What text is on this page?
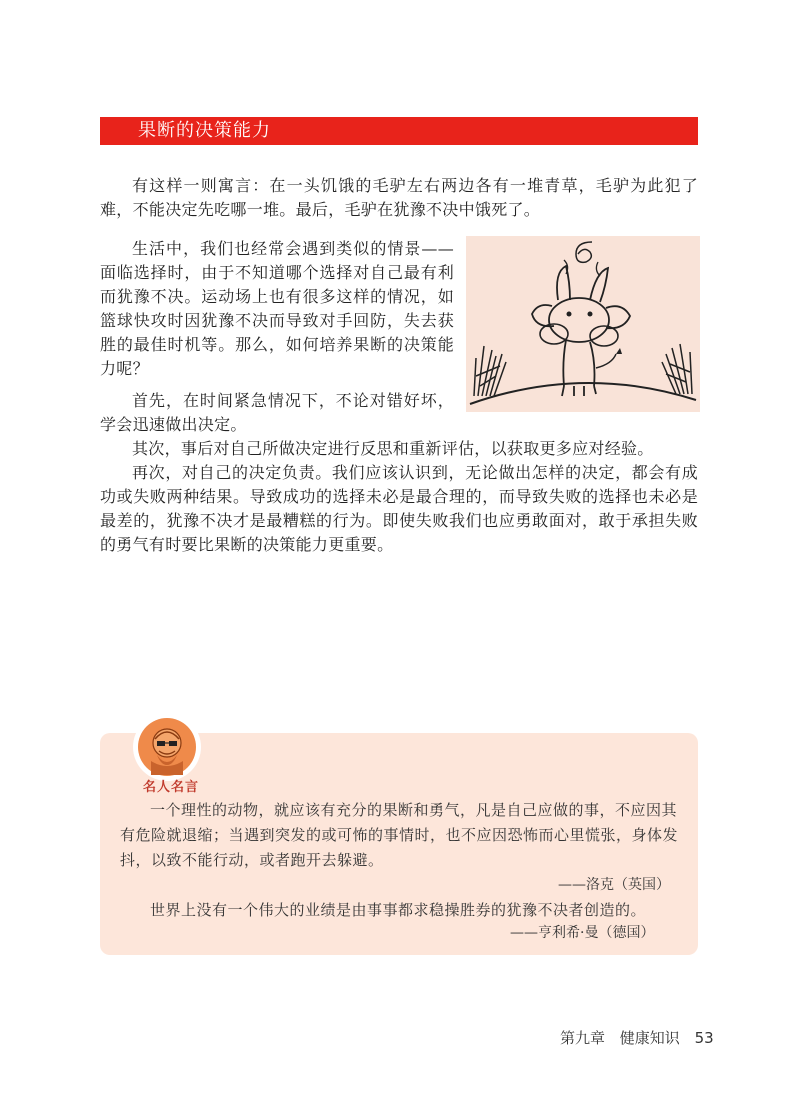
果断的决策能力

有这样一则寓言：在一头饥饿的毛驴左右两边各有一堆青草，毛驴为此犯了难，不能决定先吃哪一堆。最后，毛驴在犹豫不决中饿死了。

生活中，我们也经常会遇到类似的情景——面临选择时，由于不知道哪个选择对自己最有利而犹豫不决。运动场上也有很多这样的情况，如篮球快攻时因犹豫不决而导致对手回防，失去获胜的最佳时机等。那么，如何培养果断的决策能力呢？

首先，在时间紧急情况下，不论对错好坏，学会迅速做出决定。

其次，事后对自己所做决定进行反思和重新评估，以获取更多应对经验。

再次，对自己的决定负责。我们应该认识到，无论做出怎样的决定，都会有成功或失败两种结果。导致成功的选择未必是最合理的，而导致失败的选择也未必是最差的，犹豫不决才是最糟糕的行为。即使失败我们也应勇敢面对，敢于承担失败的勇气有时要比果断的决策能力更重要。

名人名言

一个理性的动物，就应该有充分的果断和勇气，凡是自己应做的事，不应因其有危险就退缩；当遇到突发的或可怖的事情时，也不应因恐怖而心里慌张，身体发抖，以致不能行动，或者跑开去躲避。

——洛克（英国）

世界上没有一个伟大的业绩是由事事都求稳操胜券的犹豫不决者创造的。

——亨利希·曼（德国）
第九章 健康知识 53
